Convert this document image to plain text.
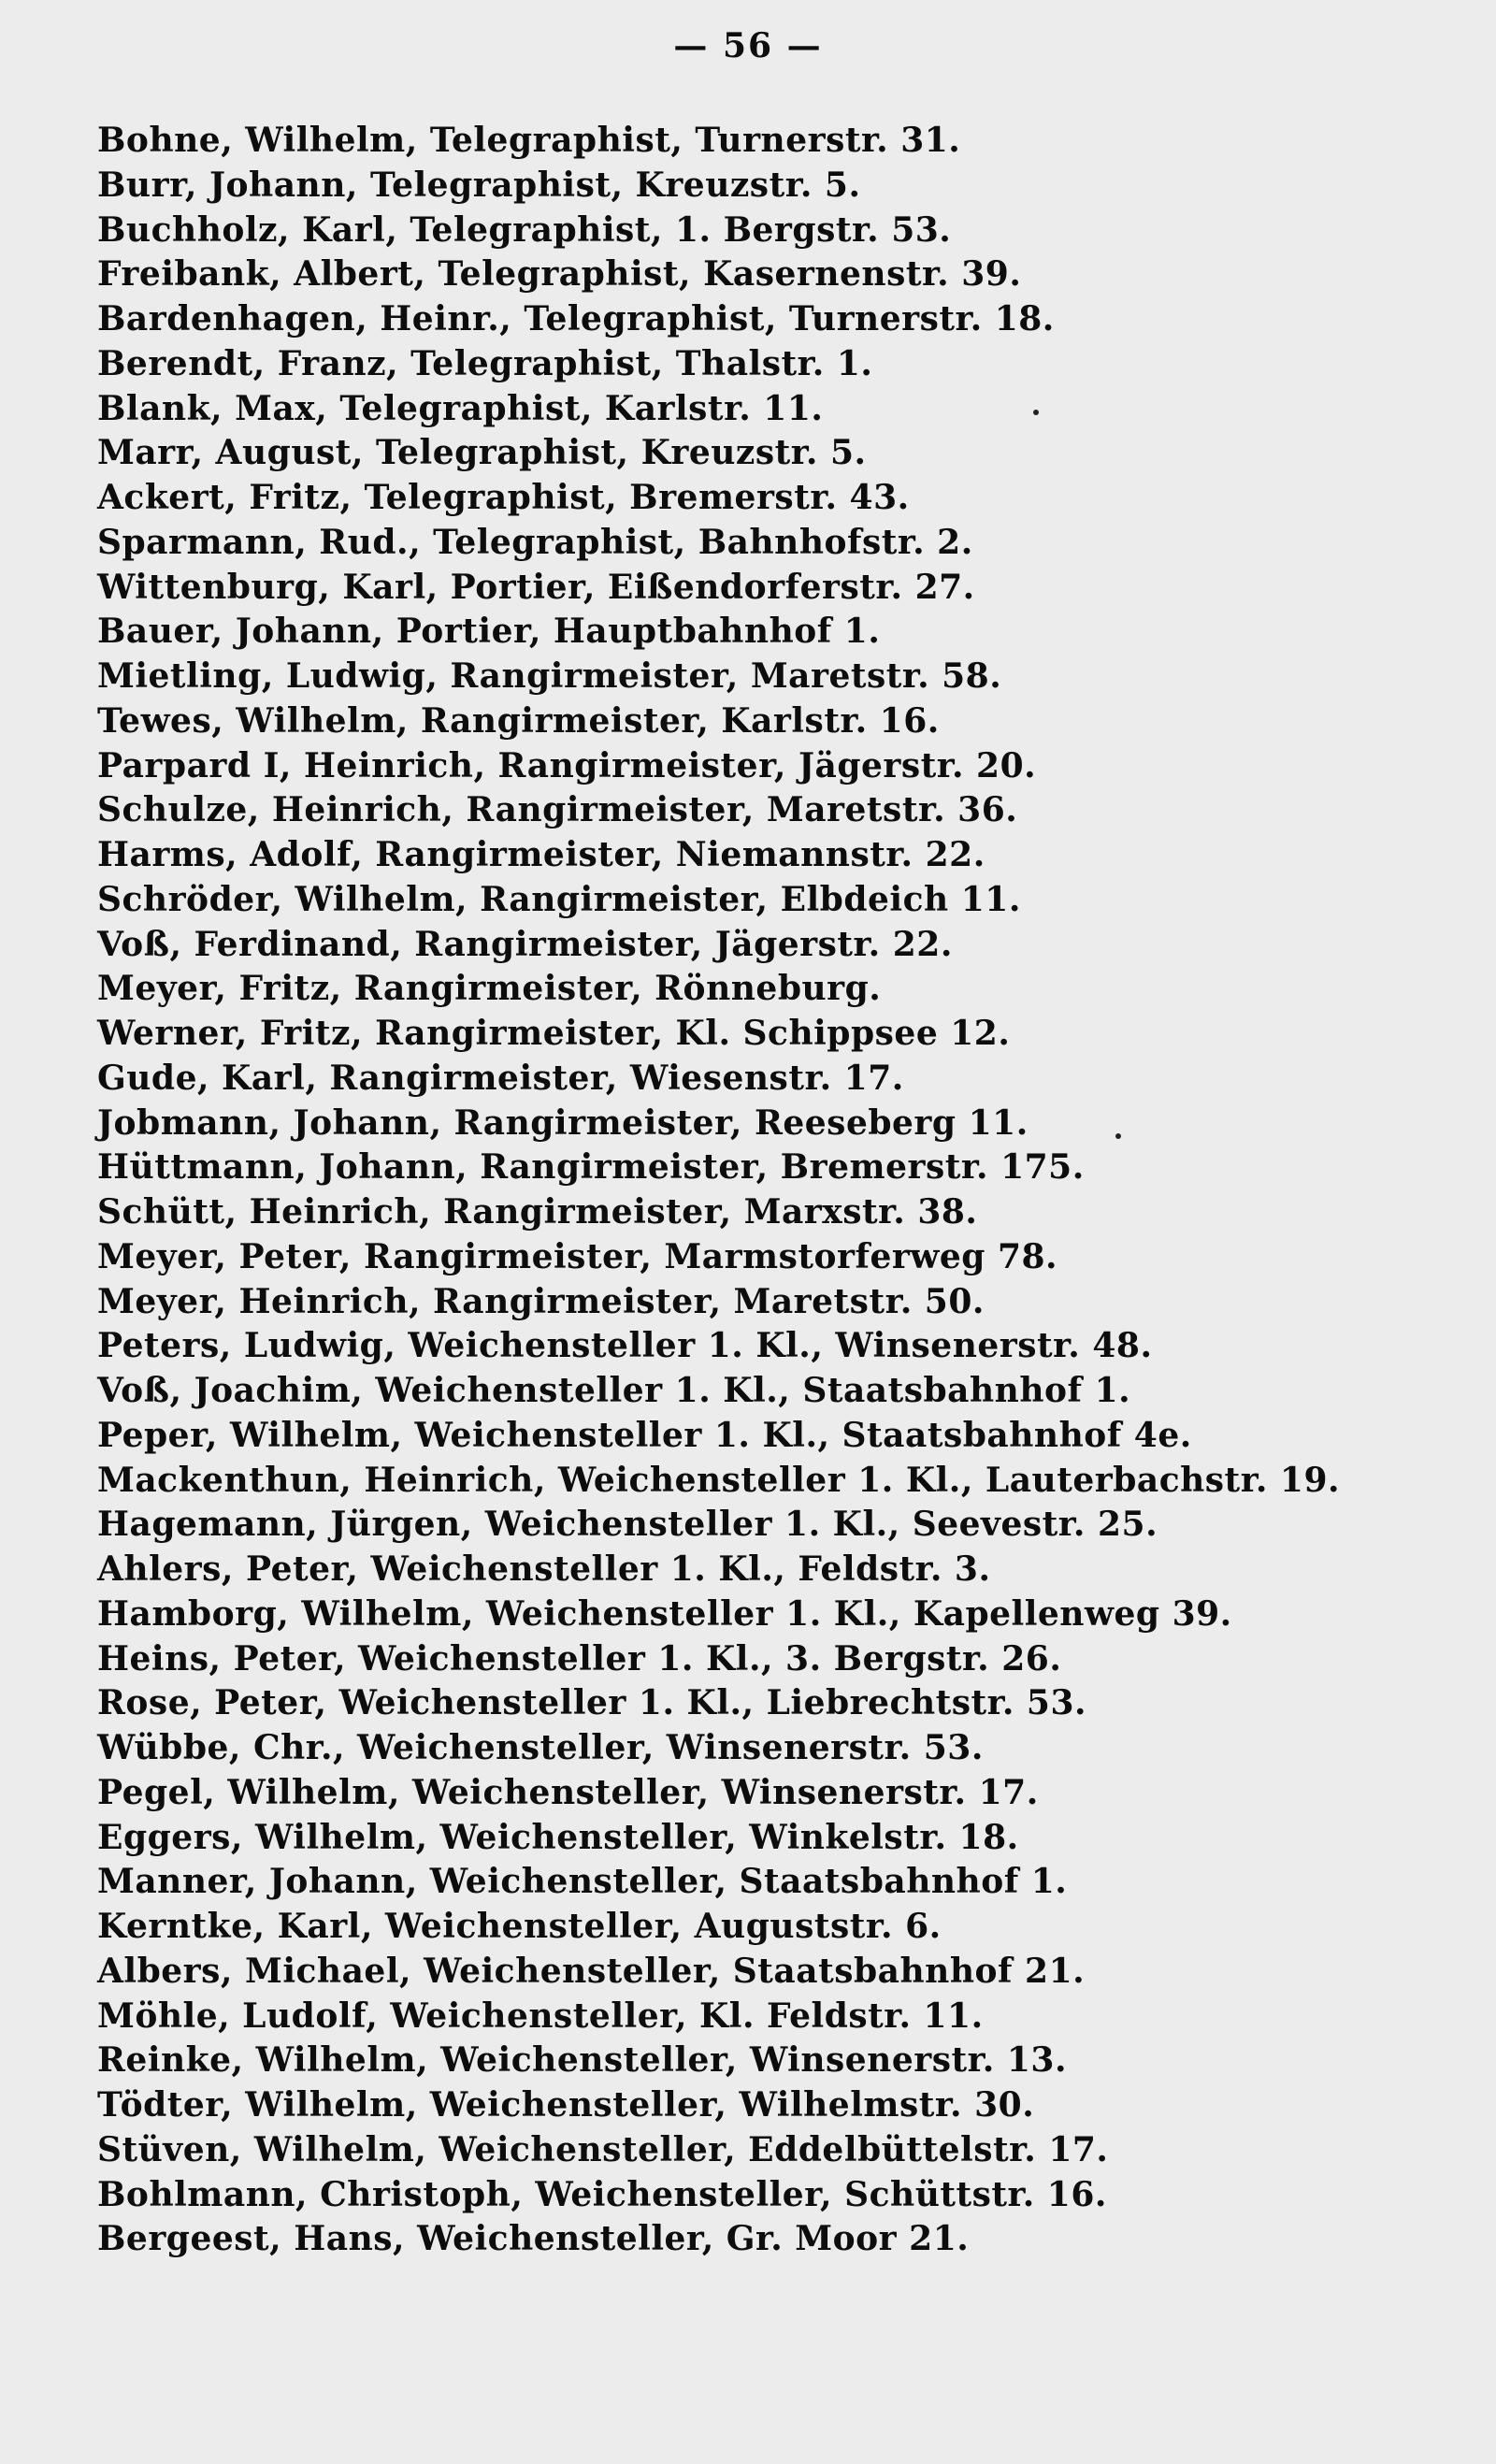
— 56 —
Bohne, Wilhelm, Telegraphist, Turnerstr. 31.
Burr, Johann, Telegraphist, Kreuzstr. 5.
Buchholz, Karl, Telegraphist, 1. Bergstr. 53.
Freibank, Albert, Telegraphist, Kasernenstr. 39.
Bardenhagen, Heinr., Telegraphist, Turnerstr. 18.
Berendt, Franz, Telegraphist, Thalstr. 1.
Blank, Max, Telegraphist, Karlstr. 11.
Marr, August, Telegraphist, Kreuzstr. 5.
Ackert, Fritz, Telegraphist, Bremerstr. 43.
Sparmann, Rud., Telegraphist, Bahnhofstr. 2.
Wittenburg, Karl, Portier, Eißendorferstr. 27.
Bauer, Johann, Portier, Hauptbahnhof 1.
Mietling, Ludwig, Rangirmeister, Maretstr. 58.
Tewes, Wilhelm, Rangirmeister, Karlstr. 16.
Parpard I, Heinrich, Rangirmeister, Jägerstr. 20.
Schulze, Heinrich, Rangirmeister, Maretstr. 36.
Harms, Adolf, Rangirmeister, Niemannstr. 22.
Schröder, Wilhelm, Rangirmeister, Elbdeich 11.
Voß, Ferdinand, Rangirmeister, Jägerstr. 22.
Meyer, Fritz, Rangirmeister, Rönneburg.
Werner, Fritz, Rangirmeister, Kl. Schippsee 12.
Gude, Karl, Rangirmeister, Wiesenstr. 17.
Jobmann, Johann, Rangirmeister, Reeseberg 11.
Hüttmann, Johann, Rangirmeister, Bremerstr. 175.
Schütt, Heinrich, Rangirmeister, Marxstr. 38.
Meyer, Peter, Rangirmeister, Marmstorferweg 78.
Meyer, Heinrich, Rangirmeister, Maretstr. 50.
Peters, Ludwig, Weichensteller 1. Kl., Winsenerstr. 48.
Voß, Joachim, Weichensteller 1. Kl., Staatsbahnhof 1.
Peper, Wilhelm, Weichensteller 1. Kl., Staatsbahnhof 4e.
Mackenthun, Heinrich, Weichensteller 1. Kl., Lauterbachstr. 19.
Hagemann, Jürgen, Weichensteller 1. Kl., Seevestr. 25.
Ahlers, Peter, Weichensteller 1. Kl., Feldstr. 3.
Hamborg, Wilhelm, Weichensteller 1. Kl., Kapellenweg 39.
Heins, Peter, Weichensteller 1. Kl., 3. Bergstr. 26.
Rose, Peter, Weichensteller 1. Kl., Liebrechtstr. 53.
Wübbe, Chr., Weichensteller, Winsenerstr. 53.
Pegel, Wilhelm, Weichensteller, Winsenerstr. 17.
Eggers, Wilhelm, Weichensteller, Winkelstr. 18.
Manner, Johann, Weichensteller, Staatsbahnhof 1.
Kerntke, Karl, Weichensteller, Auguststr. 6.
Albers, Michael, Weichensteller, Staatsbahnhof 21.
Möhle, Ludolf, Weichensteller, Kl. Feldstr. 11.
Reinke, Wilhelm, Weichensteller, Winsenerstr. 13.
Tödter, Wilhelm, Weichensteller, Wilhelmstr. 30.
Stüven, Wilhelm, Weichensteller, Eddelbüttelstr. 17.
Bohlmann, Christoph, Weichensteller, Schüttstr. 16.
Bergeest, Hans, Weichensteller, Gr. Moor 21.
